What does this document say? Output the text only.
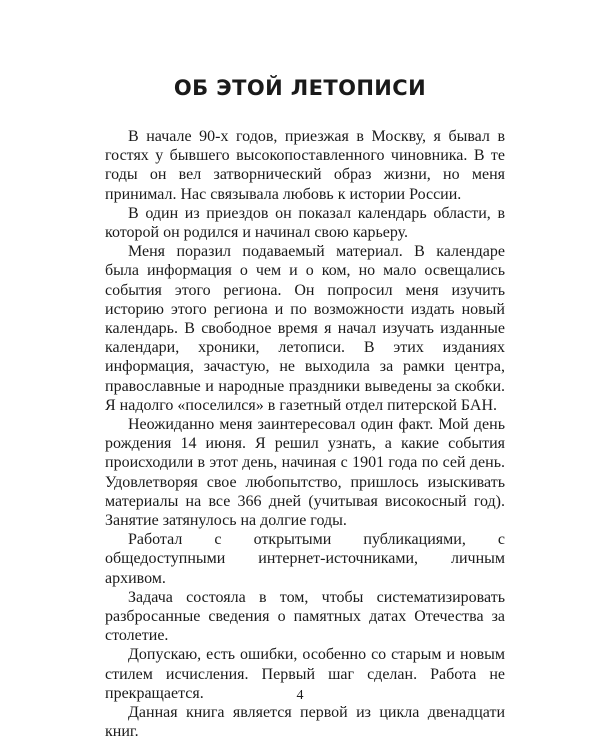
ОБ ЭТОЙ ЛЕТОПИСИ

В начале 90-х годов, приезжая в Москву, я бывал в гостях у бывшего высокопоставленного чиновника. В те годы он вел затворнический образ жизни, но меня принимал. Нас связывала любовь к истории России.

В один из приездов он показал календарь области, в которой он родился и начинал свою карьеру.

Меня поразил подаваемый материал. В календаре была информация о чем и о ком, но мало освещались события этого региона. Он попросил меня изучить историю этого региона и по возможности издать новый календарь. В свободное время я начал изучать изданные календари, хроники, летописи. В этих изданиях информация, зачастую, не выходила за рамки центра, православные и народные праздники выведены за скобки. Я надолго «поселился» в газетный отдел питерской БАН.

Неожиданно меня заинтересовал один факт. Мой день рождения 14 июня. Я решил узнать, а какие события происходили в этот день, начиная с 1901 года по сей день. Удовлетворяя свое любопытство, пришлось изыскивать материалы на все 366 дней (учитывая високосный год). Занятие затянулось на долгие годы.

Работал с открытыми публикациями, с общедоступными интернет-источниками, личным архивом.

Задача состояла в том, чтобы систематизировать разбросанные сведения о памятных датах Отечества за столетие.

Допускаю, есть ошибки, особенно со старым и новым стилем исчисления. Первый шаг сделан. Работа не прекращается.

Данная книга является первой из цикла двенадцати книг.

4
